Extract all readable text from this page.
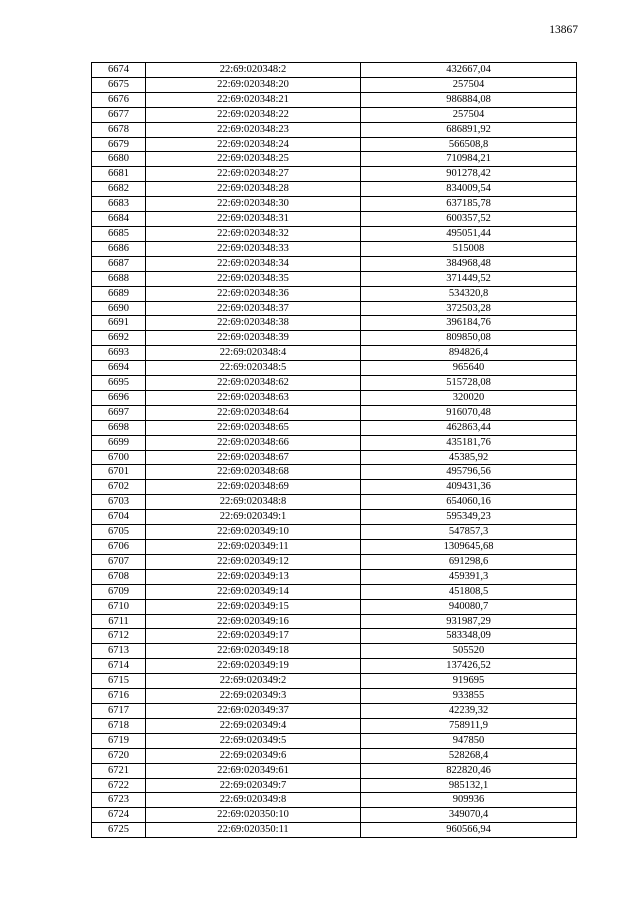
13867
6674	22:69:020348:2	432667,04
6675	22:69:020348:20	257504
6676	22:69:020348:21	986884,08
6677	22:69:020348:22	257504
6678	22:69:020348:23	686891,92
6679	22:69:020348:24	566508,8
6680	22:69:020348:25	710984,21
6681	22:69:020348:27	901278,42
6682	22:69:020348:28	834009,54
6683	22:69:020348:30	637185,78
6684	22:69:020348:31	600357,52
6685	22:69:020348:32	495051,44
6686	22:69:020348:33	515008
6687	22:69:020348:34	384968,48
6688	22:69:020348:35	371449,52
6689	22:69:020348:36	534320,8
6690	22:69:020348:37	372503,28
6691	22:69:020348:38	396184,76
6692	22:69:020348:39	809850,08
6693	22:69:020348:4	894826,4
6694	22:69:020348:5	965640
6695	22:69:020348:62	515728,08
6696	22:69:020348:63	320020
6697	22:69:020348:64	916070,48
6698	22:69:020348:65	462863,44
6699	22:69:020348:66	435181,76
6700	22:69:020348:67	45385,92
6701	22:69:020348:68	495796,56
6702	22:69:020348:69	409431,36
6703	22:69:020348:8	654060,16
6704	22:69:020349:1	595349,23
6705	22:69:020349:10	547857,3
6706	22:69:020349:11	1309645,68
6707	22:69:020349:12	691298,6
6708	22:69:020349:13	459391,3
6709	22:69:020349:14	451808,5
6710	22:69:020349:15	940080,7
6711	22:69:020349:16	931987,29
6712	22:69:020349:17	583348,09
6713	22:69:020349:18	505520
6714	22:69:020349:19	137426,52
6715	22:69:020349:2	919695
6716	22:69:020349:3	933855
6717	22:69:020349:37	42239,32
6718	22:69:020349:4	758911,9
6719	22:69:020349:5	947850
6720	22:69:020349:6	528268,4
6721	22:69:020349:61	822820,46
6722	22:69:020349:7	985132,1
6723	22:69:020349:8	909936
6724	22:69:020350:10	349070,4
6725	22:69:020350:11	960566,94
